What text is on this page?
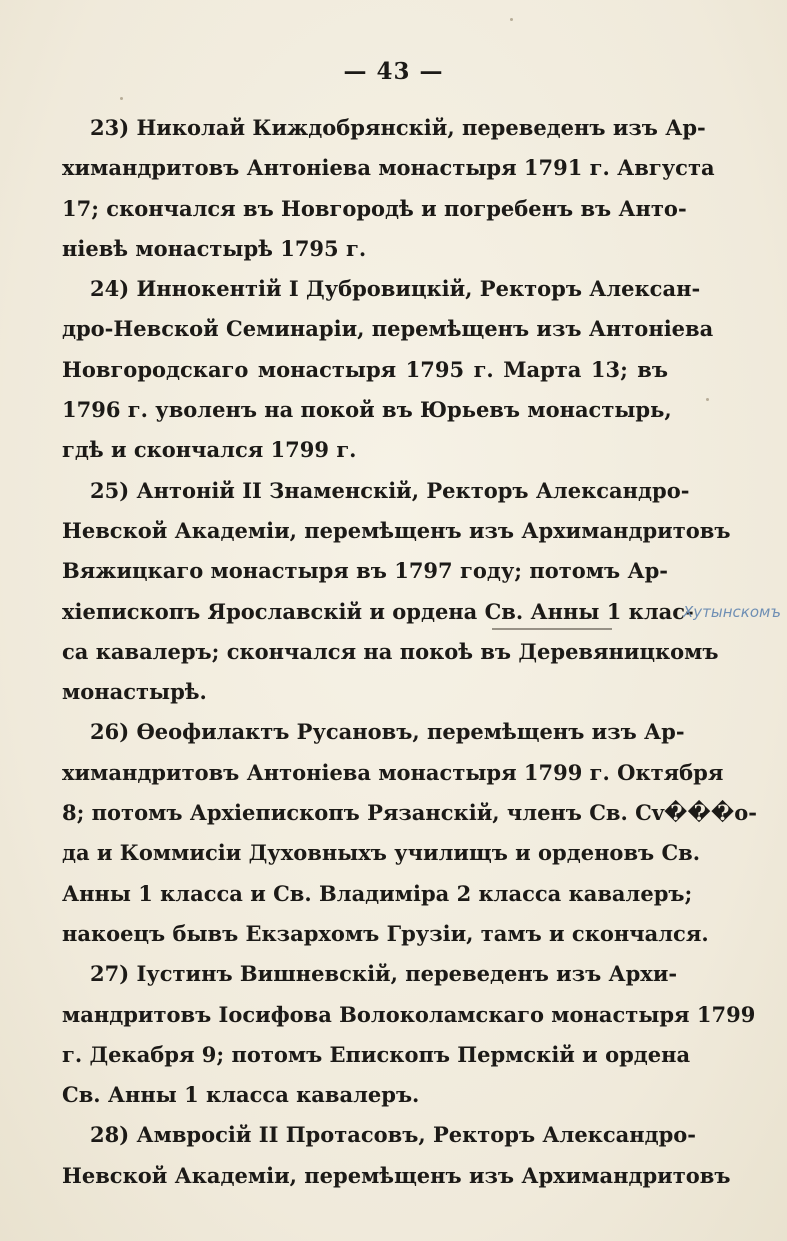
— 43 —
23) Николай Киждобрянскій, переведенъ изъ Ар-
химандритовъ Антоніева монастыря 1791 г. Августа
17; скончался въ Новгородѣ и погребенъ въ Анто-
ніевѣ монастырѣ 1795 г.
24) Иннокентій I Дубровицкій, Ректоръ Алексан-
дро-Невской Семинаріи, перемѣщенъ изъ Антоніева
Новгородскаго монастыря 1795 г. Марта 13; въ
1796 г. уволенъ на покой въ Юрьевъ монастырь,
гдѣ и скончался 1799 г.
25) Антоній II Знаменскій, Ректоръ Александро-
Невской Академіи, перемѣщенъ изъ Архимандритовъ
Вяжицкаго монастыря въ 1797 году; потомъ Ар-
хіепископъ Ярославскій и ордена Св. Анны 1 клас-
са кавалеръ; скончался на покоѣ въ Деревяницкомъ
монастырѣ.
26) Ѳеофилактъ Русановъ, перемѣщенъ изъ Ар-
химандритовъ Антоніева монастыря 1799 г. Октября
8; потомъ Архіепископъ Рязанскій, членъ Св. Сv���о-
да и Коммисіи Духовныхъ училищъ и орденовъ Св.
Анны 1 класса и Св. Владиміра 2 класса кавалеръ;
накоецъ бывъ Екзархомъ Грузіи, тамъ и скончался.
27) Іустинъ Вишневскій, переведенъ изъ Архи-
мандритовъ Іосифова Волоколамскаго монастыря 1799
г. Декабря 9; потомъ Епископъ Пермскій и ордена
Св. Анны 1 класса кавалеръ.
28) Амвросій II Протасовъ, Ректоръ Александро-
Невской Академіи, перемѣщенъ изъ Архимандритовъ
Хутынскомъ
